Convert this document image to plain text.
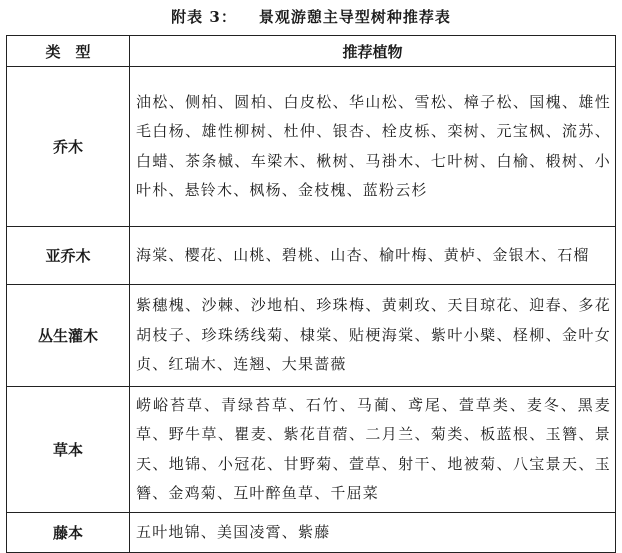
附表 3： 景观游憩主导型树种推荐表
类　型	推荐植物
乔木	油松、侧柏、圆柏、白皮松、华山松、雪松、樟子松、国槐、雄性毛白杨、雄性柳树、杜仲、银杏、栓皮栎、栾树、元宝枫、流苏、白蜡、茶条槭、车梁木、楸树、马褂木、七叶树、白榆、椴树、小叶朴、悬铃木、枫杨、金枝槐、蓝粉云杉
亚乔木	海棠、樱花、山桃、碧桃、山杏、榆叶梅、黄栌、金银木、石榴
丛生灌木	紫穗槐、沙棘、沙地柏、珍珠梅、黄刺玫、天目琼花、迎春、多花胡枝子、珍珠绣线菊、棣棠、贴梗海棠、紫叶小檗、柽柳、金叶女贞、红瑞木、连翘、大果蔷薇
草本	崂峪苔草、青绿苔草、石竹、马蔺、鸢尾、萱草类、麦冬、黑麦草、野牛草、瞿麦、紫花苜蓿、二月兰、菊类、板蓝根、玉簪、景天、地锦、小冠花、甘野菊、萱草、射干、地被菊、八宝景天、玉簪、金鸡菊、互叶醉鱼草、千屈菜
藤本	五叶地锦、美国凌霄、紫藤
